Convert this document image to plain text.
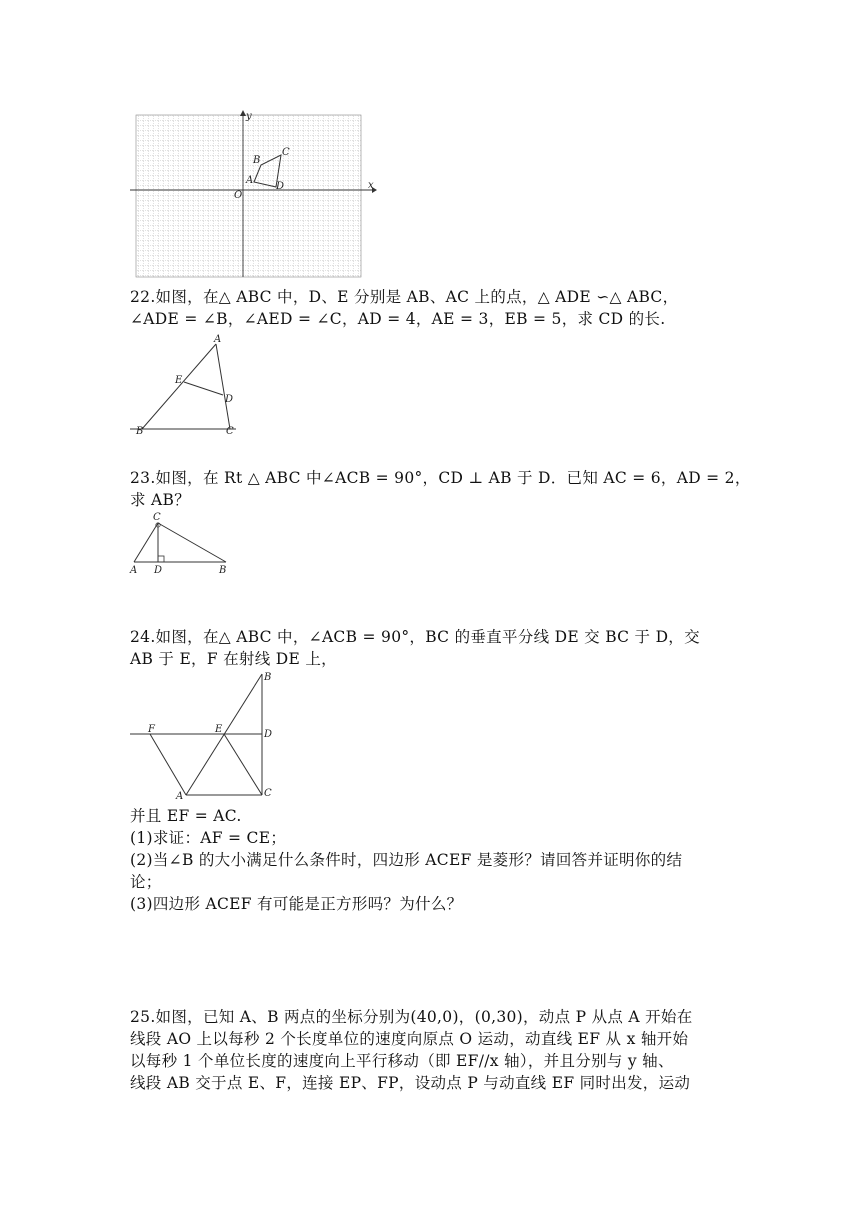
x
y
O
A
B
C
D
22.如图，在△ ABC 中，D、E 分别是 AB、AC 上的点，△ ADE ∽△ ABC，
∠ADE = ∠B，∠AED = ∠C，AD = 4，AE = 3，EB = 5，求 CD 的长.
A
E
D
B	C
23.如图，在 Rt △ ABC 中∠ACB = 90°，CD ⊥ AB 于 D．已知 AC = 6，AD = 2，
求 AB？
C
A D	B
24.如图，在△ ABC 中，∠ACB = 90°，BC 的垂直平分线 DE 交 BC 于 D，交
AB 于 E，F 在射线 DE 上，
B
F	E	D
A	C
并且 EF = AC.
(1)求证：AF = CE；
(2)当∠B 的大小满足什么条件时，四边形 ACEF 是菱形？请回答并证明你的结
论；
(3)四边形 ACEF 有可能是正方形吗？为什么？
25.如图，已知 A、B 两点的坐标分别为(40,0)，(0,30)，动点 P 从点 A 开始在
线段 AO 上以每秒 2 个长度单位的速度向原点 O 运动，动直线 EF 从 x 轴开始
以每秒 1 个单位长度的速度向上平行移动（即 EF//x 轴），并且分别与 y 轴、
线段 AB 交于点 E、F，连接 EP、FP，设动点 P 与动直线 EF 同时出发，运动
